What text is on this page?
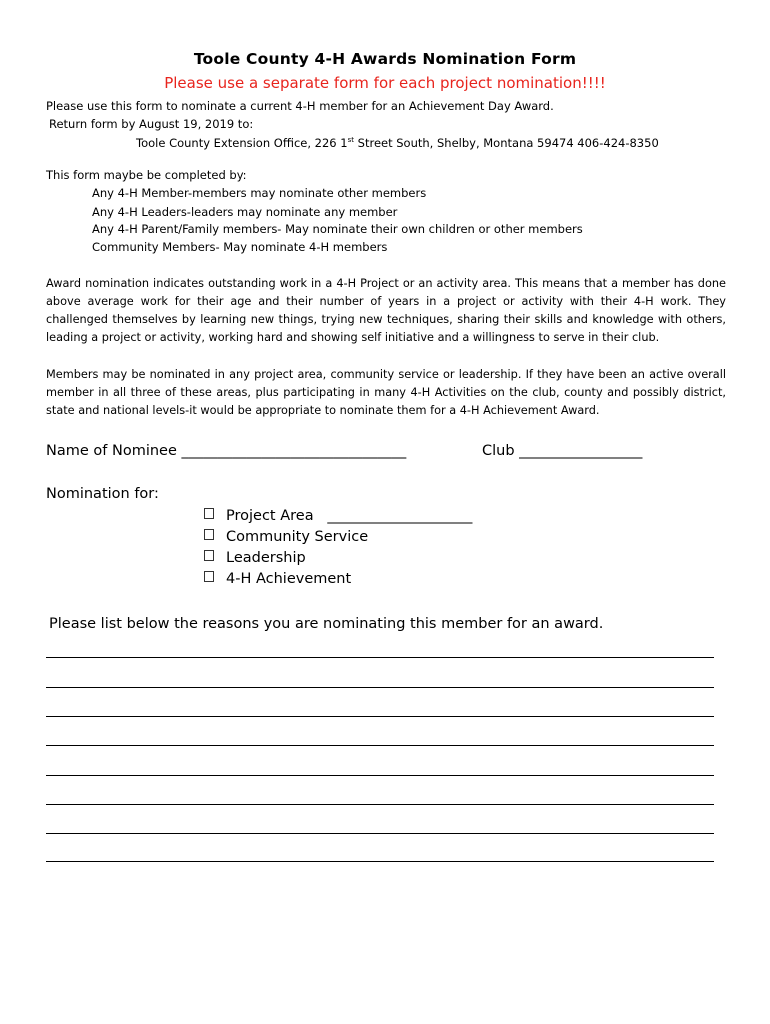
Toole County 4-H Awards Nomination Form
Please use a separate form for each project nomination!!!!
Please use this form to nominate a current 4-H member for an Achievement Day Award.
Return form by August 19, 2019 to:
Toole County Extension Office, 226 1st Street South, Shelby, Montana 59474 406-424-8350
This form maybe be completed by:
Any 4-H Member-members may nominate other members
Any 4-H Leaders-leaders may nominate any member
Any 4-H Parent/Family members- May nominate their own children or other members
Community Members- May nominate 4-H members
Award nomination indicates outstanding work in a 4-H Project or an activity area. This means that a member has done above average work for their age and their number of years in a project or activity with their 4-H work. They challenged themselves by learning new things, trying new techniques, sharing their skills and knowledge with others, leading a project or activity, working hard and showing self initiative and a willingness to serve in their club.
Members may be nominated in any project area, community service or leadership. If they have been an active overall member in all three of these areas, plus participating in many 4-H Activities on the club, county and possibly district, state and national levels-it would be appropriate to nominate them for a 4-H Achievement Award.
Name of Nominee _______________________________	Club _________________
Nomination for:
Project Area ____________________
Community Service
Leadership
4-H Achievement
Please list below the reasons you are nominating this member for an award.
